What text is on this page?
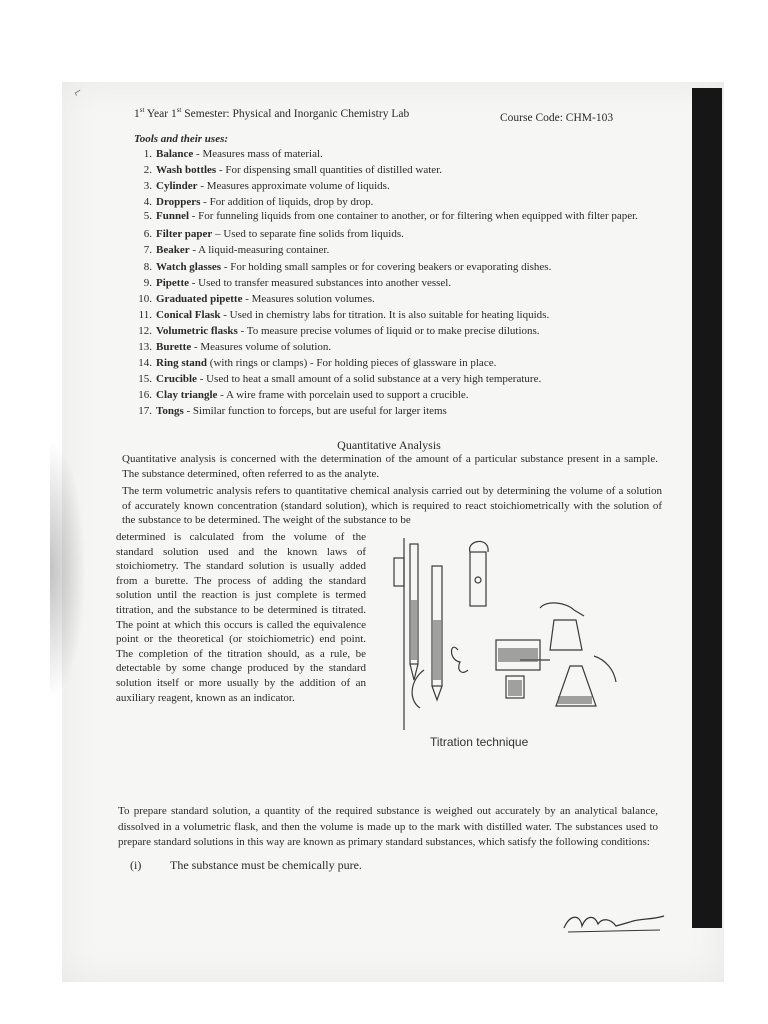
⌐
1st Year 1st Semester: Physical and Inorganic Chemistry Lab	Course Code: CHM-103
Tools and their uses:
1. Balance - Measures mass of material.
2. Wash bottles - For dispensing small quantities of distilled water.
3. Cylinder - Measures approximate volume of liquids.
4. Droppers - For addition of liquids, drop by drop.
5. Funnel - For funneling liquids from one container to another, or for filtering when equipped with filter paper.
6. Filter paper – Used to separate fine solids from liquids.
7. Beaker - A liquid-measuring container.
8. Watch glasses - For holding small samples or for covering beakers or evaporating dishes.
9. Pipette - Used to transfer measured substances into another vessel.
10. Graduated pipette - Measures solution volumes.
11. Conical Flask - Used in chemistry labs for titration. It is also suitable for heating liquids.
12. Volumetric flasks - To measure precise volumes of liquid or to make precise dilutions.
13. Burette - Measures volume of solution.
14. Ring stand (with rings or clamps) - For holding pieces of glassware in place.
15. Crucible - Used to heat a small amount of a solid substance at a very high temperature.
16. Clay triangle - A wire frame with porcelain used to support a crucible.
17. Tongs - Similar function to forceps, but are useful for larger items
Quantitative Analysis
Quantitative analysis is concerned with the determination of the amount of a particular substance present in a sample. The substance determined, often referred to as the analyte.
The term volumetric analysis refers to quantitative chemical analysis carried out by determining the volume of a solution of accurately known concentration (standard solution), which is required to react stoichiometrically with the solution of the substance to be determined. The weight of the substance to be
determined is calculated from the volume of the standard solution used and the known laws of stoichiometry. The standard solution is usually added from a burette. The process of adding the standard solution until the reaction is just complete is termed titration, and the substance to be determined is titrated. The point at which this occurs is called the equivalence point or the theoretical (or stoichiometric) end point. The completion of the titration should, as a rule, be detectable by some change produced by the standard solution itself or more usually by the addition of an auxiliary reagent, known as an indicator.
Titration technique
To prepare standard solution, a quantity of the required substance is weighed out accurately by an analytical balance, dissolved in a volumetric flask, and then the volume is made up to the mark with distilled water. The substances used to prepare standard solutions in this way are known as primary standard substances, which satisfy the following conditions:
(i) The substance must be chemically pure.
